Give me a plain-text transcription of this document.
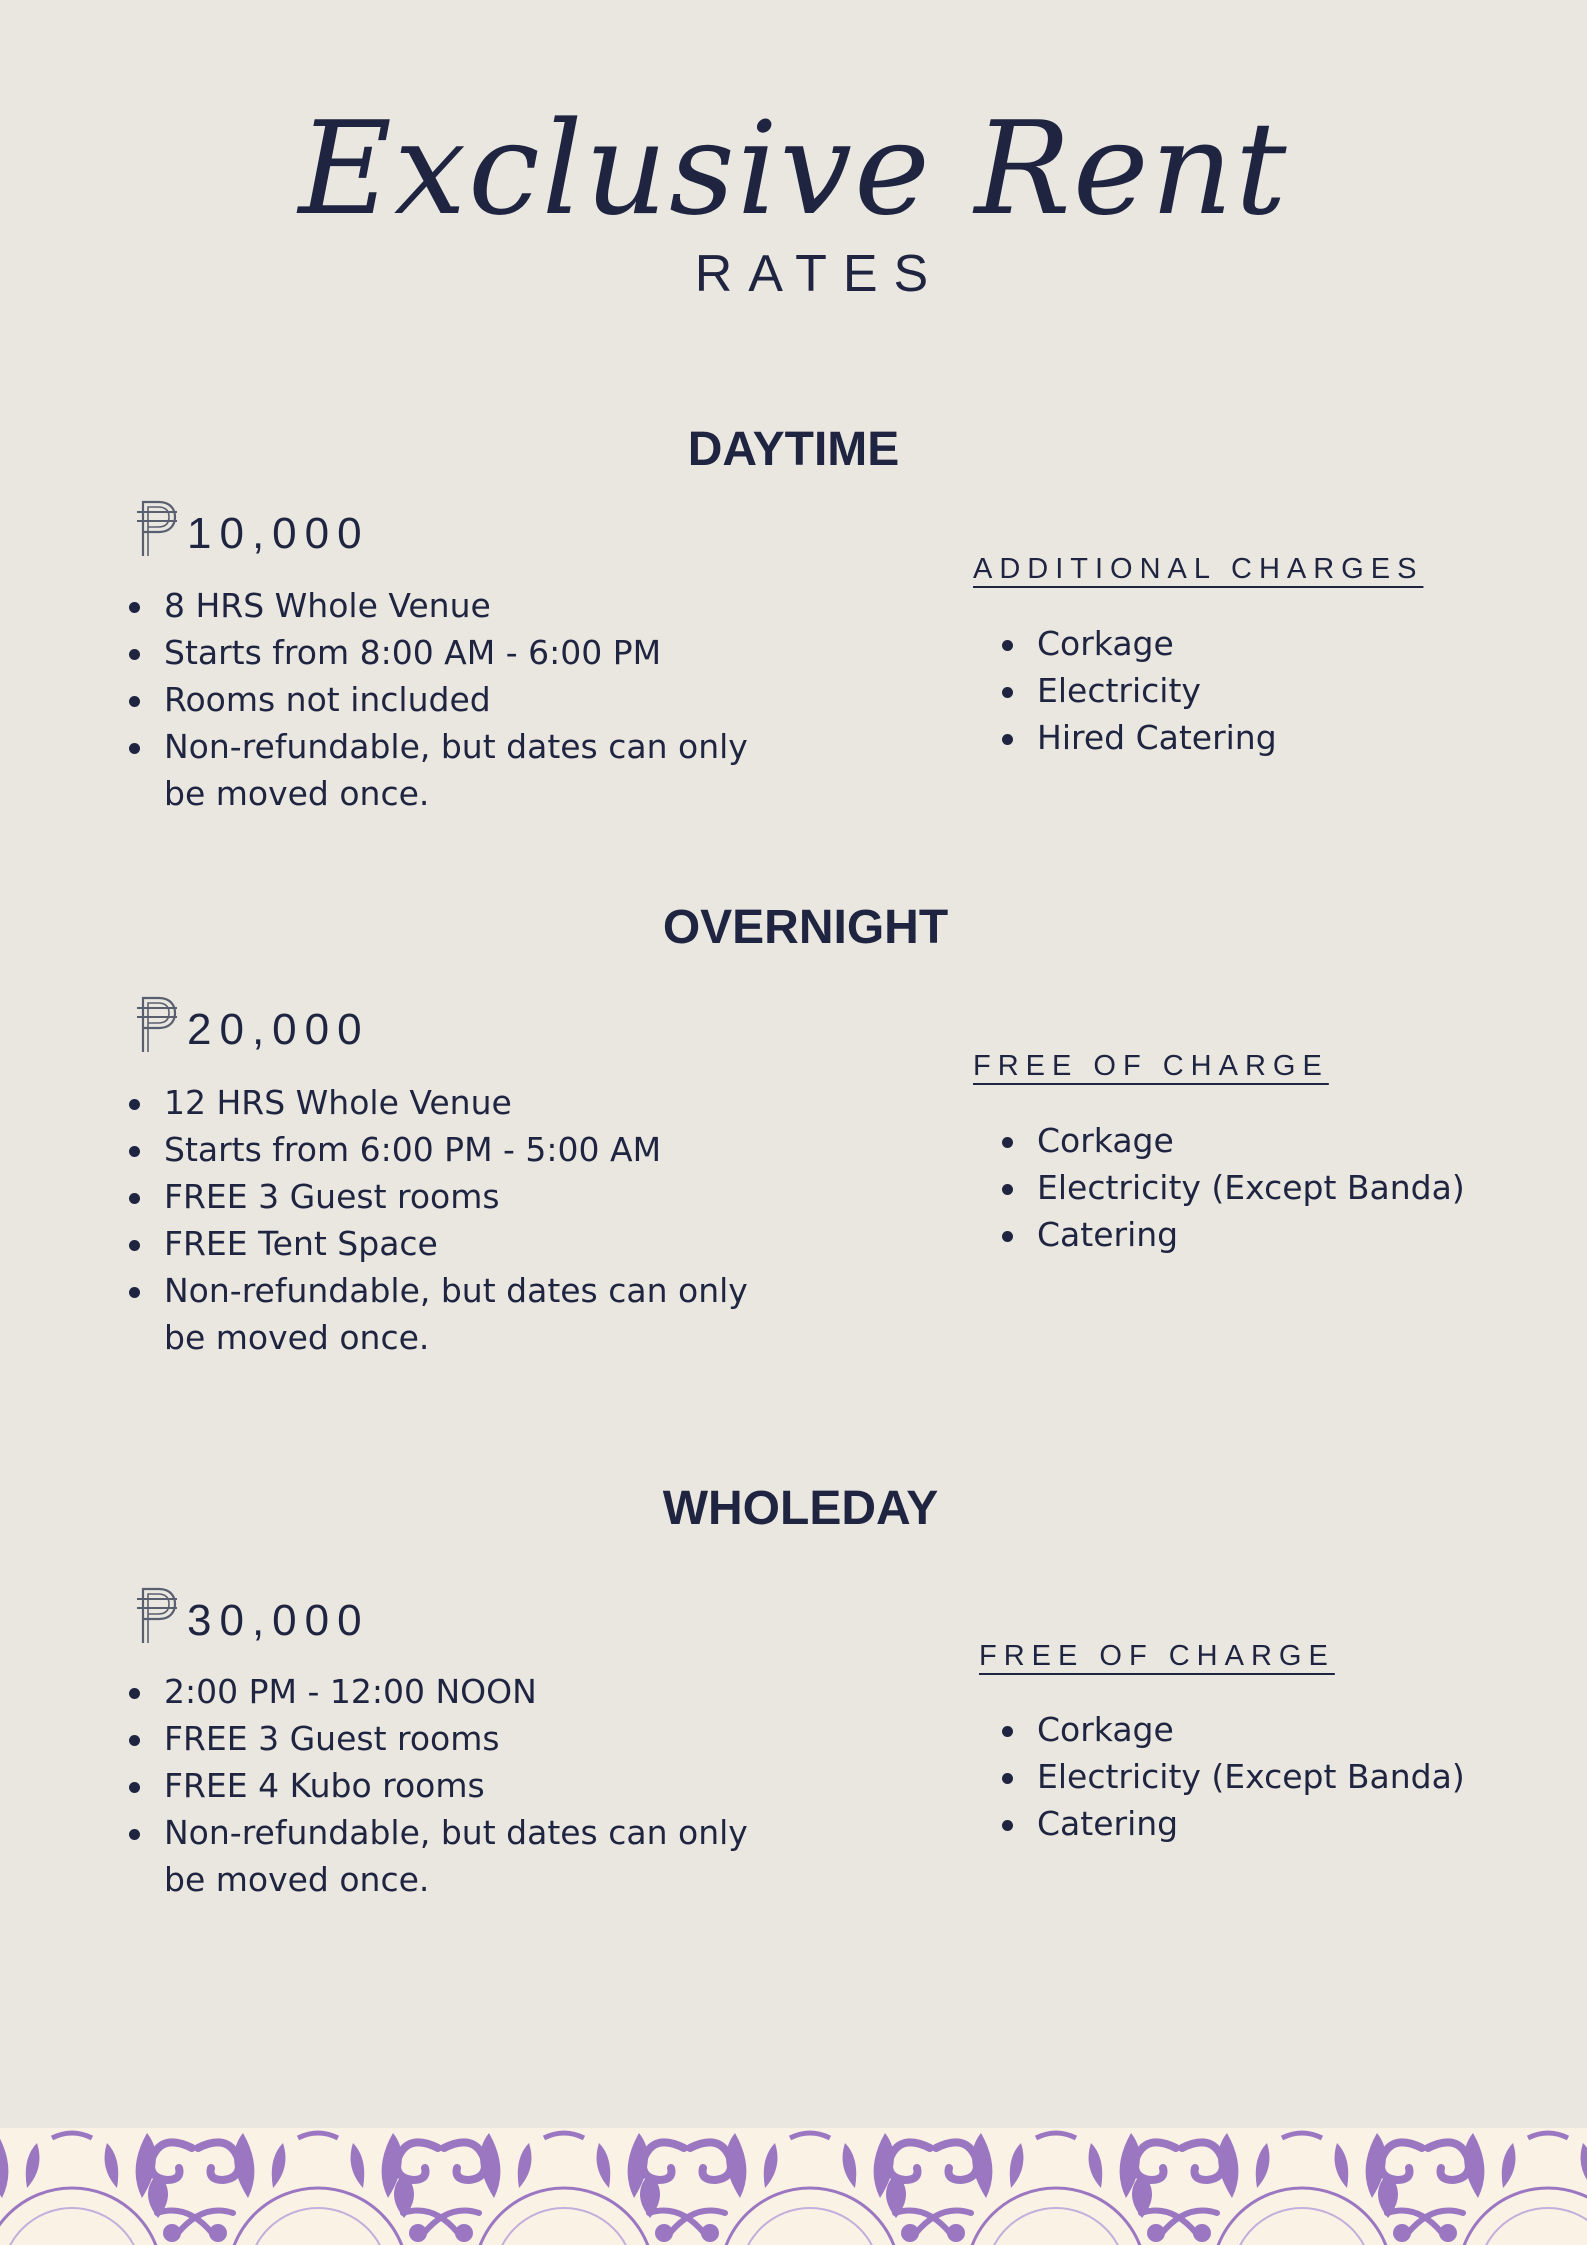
Exclusive Rent
RATES
DAYTIME
10,000
8 HRS Whole Venue
Starts from 8:00 AM - 6:00 PM
Rooms not included
Non-refundable, but dates can only be moved once.
ADDITIONAL CHARGES
Corkage
Electricity
Hired Catering
OVERNIGHT
20,000
12 HRS Whole Venue
Starts from 6:00 PM - 5:00 AM
FREE 3 Guest rooms
FREE Tent Space
Non-refundable, but dates can only be moved once.
FREE OF CHARGE
Corkage
Electricity (Except Banda)
Catering
WHOLEDAY
30,000
2:00 PM - 12:00 NOON
FREE 3 Guest rooms
FREE 4 Kubo rooms
Non-refundable, but dates can only be moved once.
FREE OF CHARGE
Corkage
Electricity (Except Banda)
Catering
